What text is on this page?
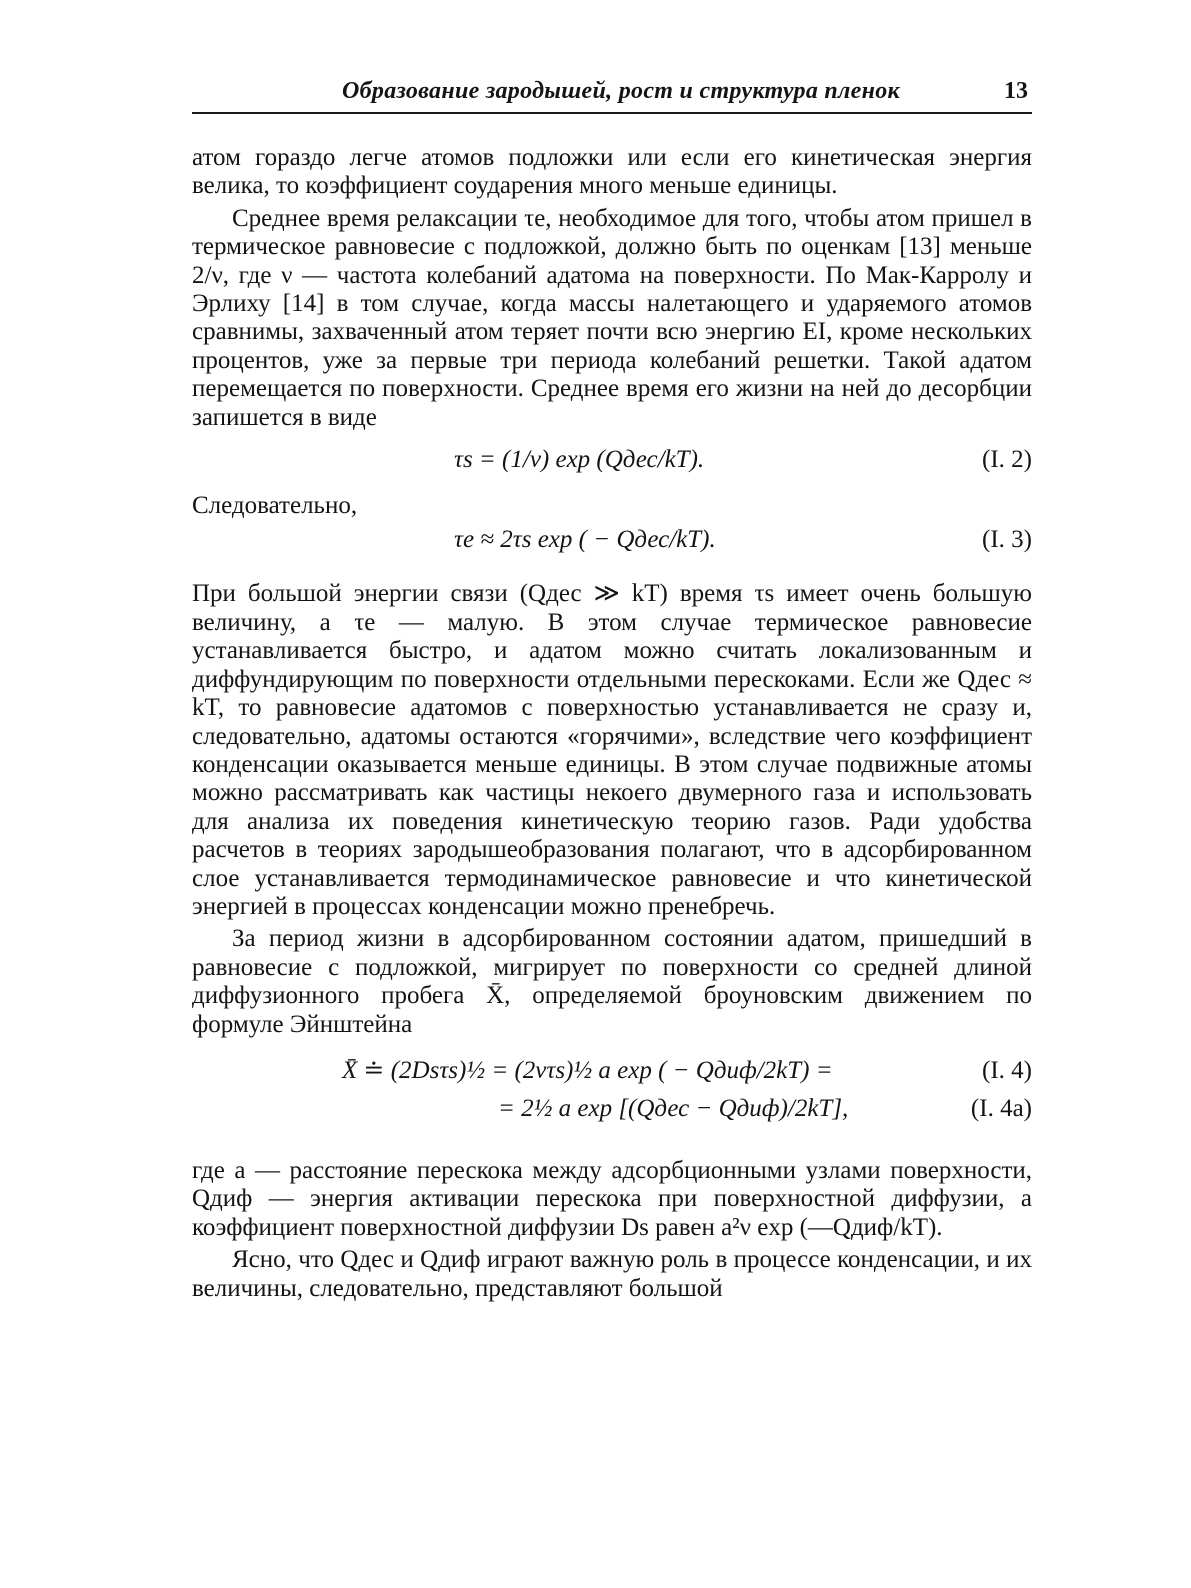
Образование зародышей, рост и структура пленок	13

атом гораздо легче атомов подложки или если его кинетическая энергия велика, то коэффициент соударения много меньше единицы.

Среднее время релаксации τe, необходимое для того, чтобы атом пришел в термическое равновесие с подложкой, должно быть по оценкам [13] меньше 2/ν, где ν — частота колебаний адатома на поверхности. По Мак-Карролу и Эрлиху [14] в том случае, когда массы налетающего и ударяемого атомов сравнимы, захваченный атом теряет почти всю энергию EI, кроме нескольких процентов, уже за первые три периода колебаний решетки. Такой адатом перемещается по поверхности. Среднее время его жизни на ней до десорбции запишется в виде

τs = (1/ν) exp (Qдес/kT).	(I. 2)

Следовательно,

τe ≈ 2τs exp ( − Qдес/kT).	(I. 3)

При большой энергии связи (Qдес ≫ kT) время τs имеет очень большую величину, а τe — малую. В этом случае термическое равновесие устанавливается быстро, и адатом можно считать локализованным и диффундирующим по поверхности отдельными перескоками. Если же Qдес ≈ kT, то равновесие адатомов с поверхностью устанавливается не сразу и, следовательно, адатомы остаются «горячими», вследствие чего коэффициент конденсации оказывается меньше единицы. В этом случае подвижные атомы можно рассматривать как частицы некоего двумерного газа и использовать для анализа их поведения кинетическую теорию газов. Ради удобства расчетов в теориях зародышеобразования полагают, что в адсорбированном слое устанавливается термодинамическое равновесие и что кинетической энергией в процессах конденсации можно пренебречь.

За период жизни в адсорбированном состоянии адатом, пришедший в равновесие с подложкой, мигрирует по поверхности со средней длиной диффузионного пробега X̄, определяемой броуновским движением по формуле Эйнштейна

X̄ ≐ (2Dsτs)½ = (2ντs)½ a exp ( − Qдиф/2kT) =	(I. 4)
= 2½ a exp [(Qдес − Qдиф)/2kT],	(I. 4а)

где a — расстояние перескока между адсорбционными узлами поверхности, Qдиф — энергия активации перескока при поверхностной диффузии, а коэффициент поверхностной диффузии Ds равен a²ν exp (—Qдиф/kT).

Ясно, что Qдес и Qдиф играют важную роль в процессе конденсации, и их величины, следовательно, представляют большой
